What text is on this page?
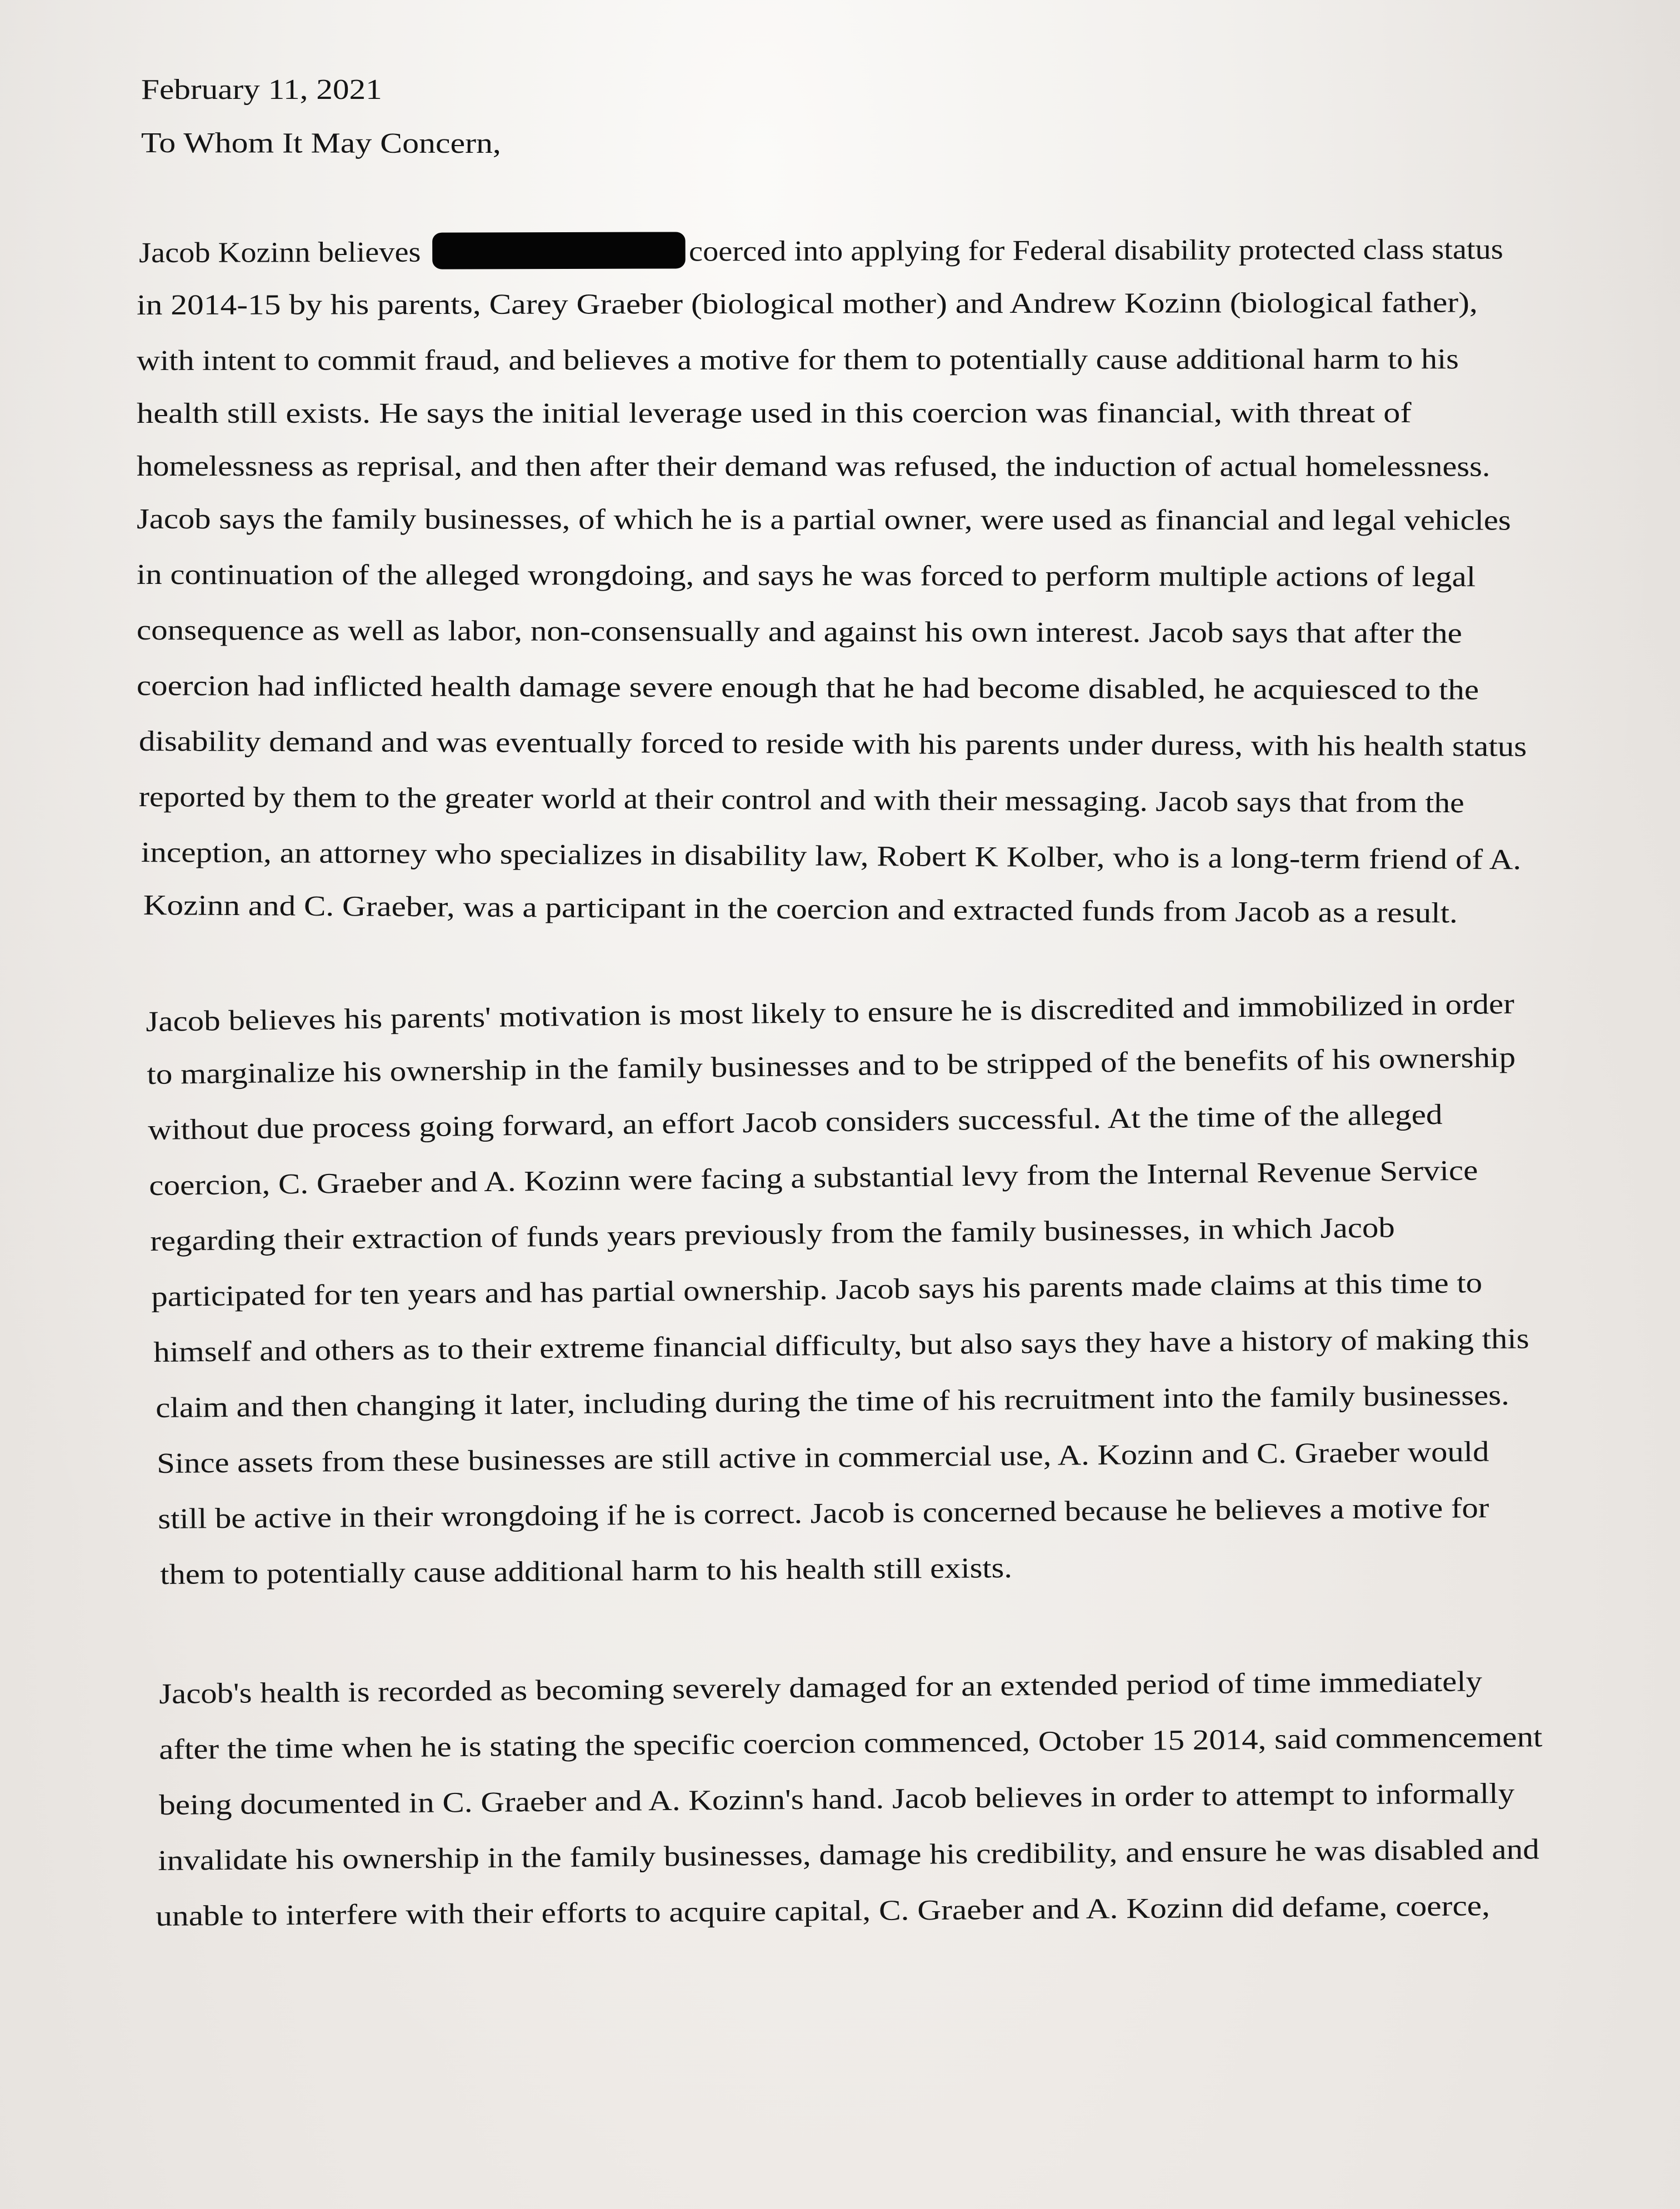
February 11, 2021
To Whom It May Concern,
Jacob Kozinn believes	coerced into applying for Federal disability protected class status
in 2014-15 by his parents, Carey Graeber (biological mother) and Andrew Kozinn (biological father),
with intent to commit fraud, and believes a motive for them to potentially cause additional harm to his
health still exists. He says the initial leverage used in this coercion was financial, with threat of
homelessness as reprisal, and then after their demand was refused, the induction of actual homelessness.
Jacob says the family businesses, of which he is a partial owner, were used as financial and legal vehicles
in continuation of the alleged wrongdoing, and says he was forced to perform multiple actions of legal
consequence as well as labor, non-consensually and against his own interest. Jacob says that after the
coercion had inflicted health damage severe enough that he had become disabled, he acquiesced to the
disability demand and was eventually forced to reside with his parents under duress, with his health status
reported by them to the greater world at their control and with their messaging. Jacob says that from the
inception, an attorney who specializes in disability law, Robert K Kolber, who is a long-term friend of A.
Kozinn and C. Graeber, was a participant in the coercion and extracted funds from Jacob as a result.
Jacob believes his parents' motivation is most likely to ensure he is discredited and immobilized in order
to marginalize his ownership in the family businesses and to be stripped of the benefits of his ownership
without due process going forward, an effort Jacob considers successful. At the time of the alleged
coercion, C. Graeber and A. Kozinn were facing a substantial levy from the Internal Revenue Service
regarding their extraction of funds years previously from the family businesses, in which Jacob
participated for ten years and has partial ownership. Jacob says his parents made claims at this time to
himself and others as to their extreme financial difficulty, but also says they have a history of making this
claim and then changing it later, including during the time of his recruitment into the family businesses.
Since assets from these businesses are still active in commercial use, A. Kozinn and C. Graeber would
still be active in their wrongdoing if he is correct. Jacob is concerned because he believes a motive for
them to potentially cause additional harm to his health still exists.
Jacob's health is recorded as becoming severely damaged for an extended period of time immediately
after the time when he is stating the specific coercion commenced, October 15 2014, said commencement
being documented in C. Graeber and A. Kozinn's hand. Jacob believes in order to attempt to informally
invalidate his ownership in the family businesses, damage his credibility, and ensure he was disabled and
unable to interfere with their efforts to acquire capital, C. Graeber and A. Kozinn did defame, coerce,
